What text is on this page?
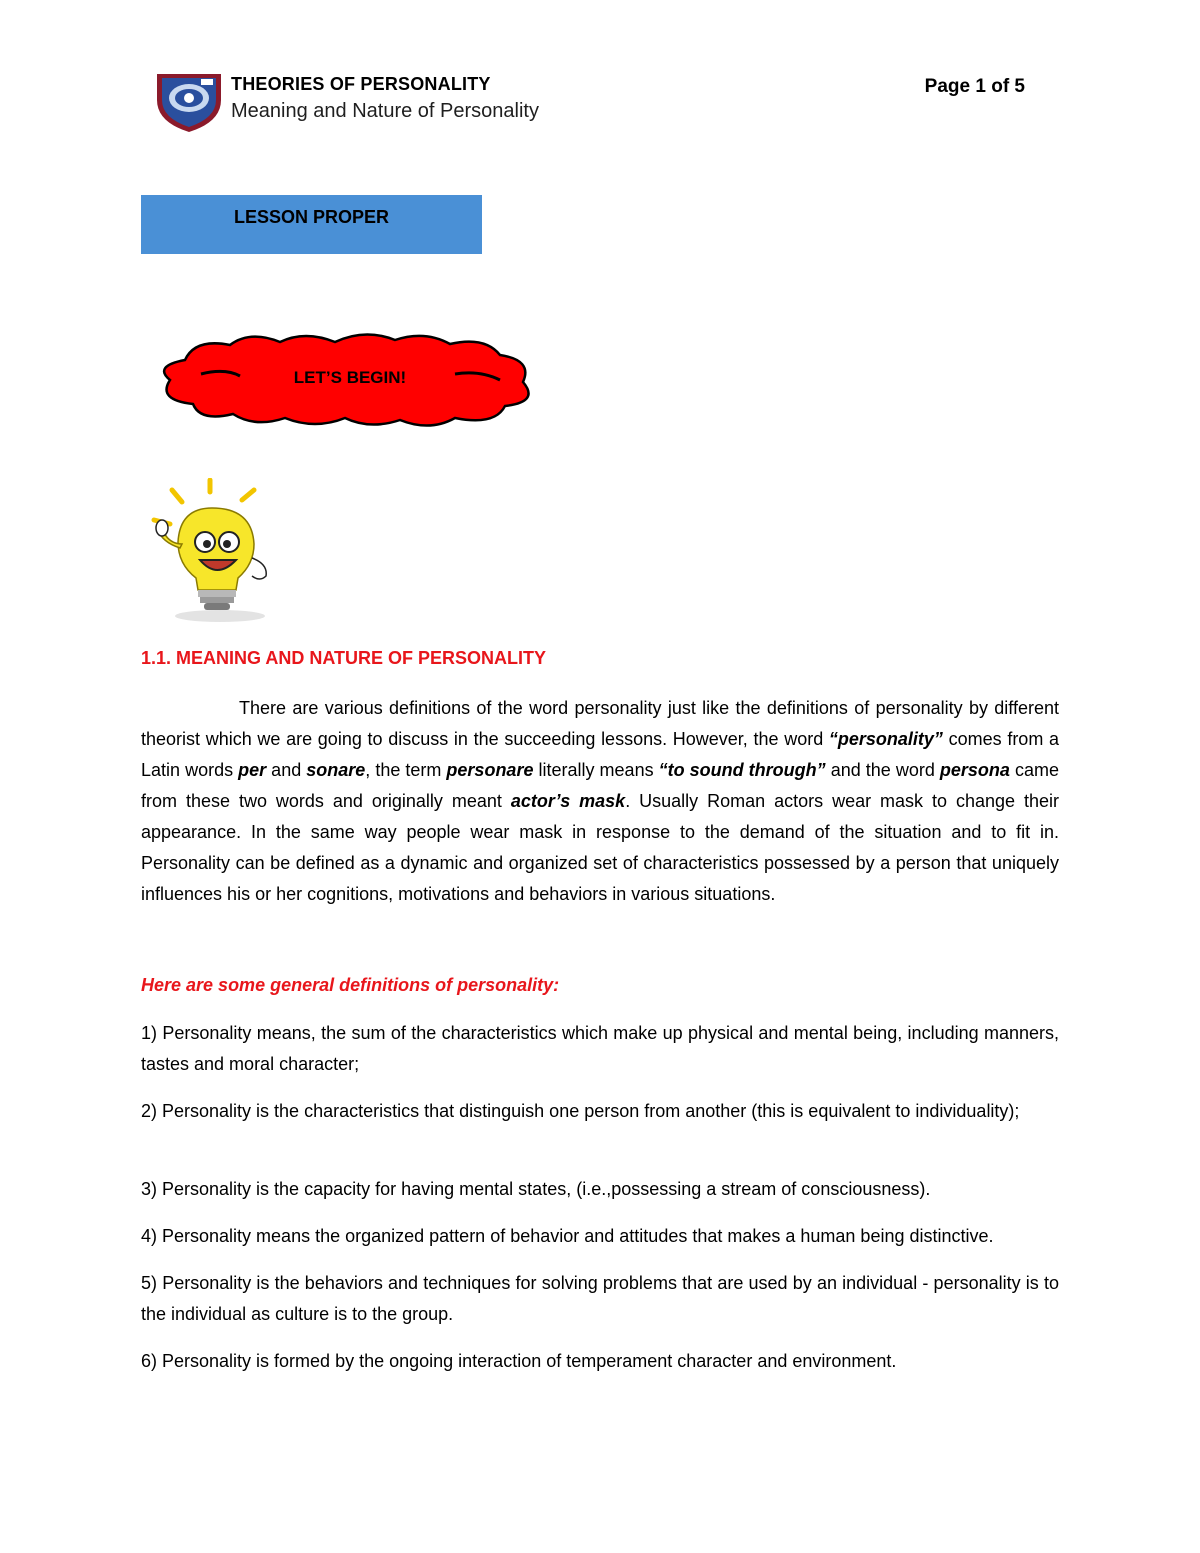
THEORIES OF PERSONALITY
Meaning and Nature of Personality
Page 1 of 5
LESSON PROPER
LET’S BEGIN!
1.1. MEANING AND NATURE OF PERSONALITY
There are various definitions of the word personality just like the definitions of personality by different theorist which we are going to discuss in the succeeding lessons. However, the word “personality” comes from a Latin words per and sonare, the term personare literally means “to sound through” and the word persona came from these two words and originally meant actor’s mask. Usually Roman actors wear mask to change their appearance. In the same way people wear mask in response to the demand of the situation and to fit in. Personality can be defined as a dynamic and organized set of characteristics possessed by a person that uniquely influences his or her cognitions, motivations and behaviors in various situations.
Here are some general definitions of personality:
1) Personality means, the sum of the characteristics which make up physical and mental being, including manners, tastes and moral character;
2) Personality is the characteristics that distinguish one person from another (this is equivalent to individuality);
3) Personality is the capacity for having mental states, (i.e.,possessing a stream of consciousness).
4) Personality means the organized pattern of behavior and attitudes that makes a human being distinctive.
5) Personality is the behaviors and techniques for solving problems that are used by an individual - personality is to the individual as culture is to the group.
6) Personality is formed by the ongoing interaction of temperament character and environment.
